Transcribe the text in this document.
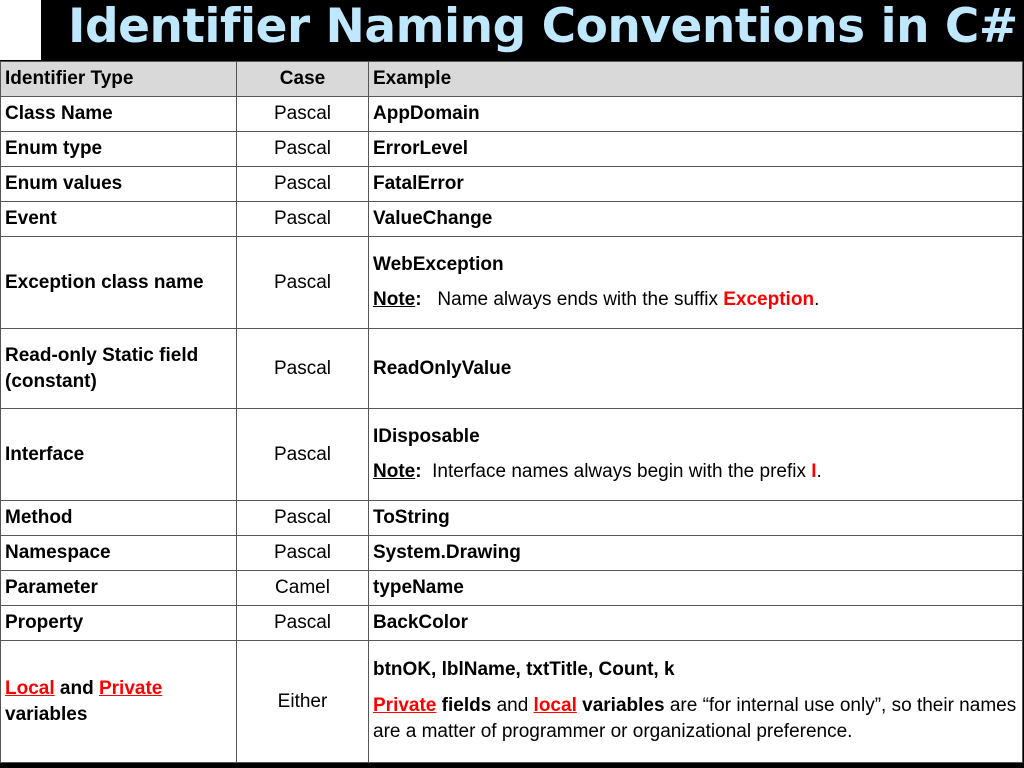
Identifier Naming Conventions in C#
Identifier Type	Case	Example
Class Name	Pascal	AppDomain
Enum type	Pascal	ErrorLevel
Enum values	Pascal	FatalError
Event	Pascal	ValueChange
Exception class name	Pascal	WebException
Note: Name always ends with the suffix Exception.

Read-only Static field (constant)	Pascal	ReadOnlyValue
Interface	Pascal	IDisposable
Note: Interface names always begin with the prefix I.

Method	Pascal	ToString
Namespace	Pascal	System.Drawing
Parameter	Camel	typeName
Property	Pascal	BackColor
Local and Private
variables	Either	btnOK, lblName, txtTitle, Count, k
Private fields and local variables are “for internal use only”, so their names are a matter of programmer or organizational preference.
